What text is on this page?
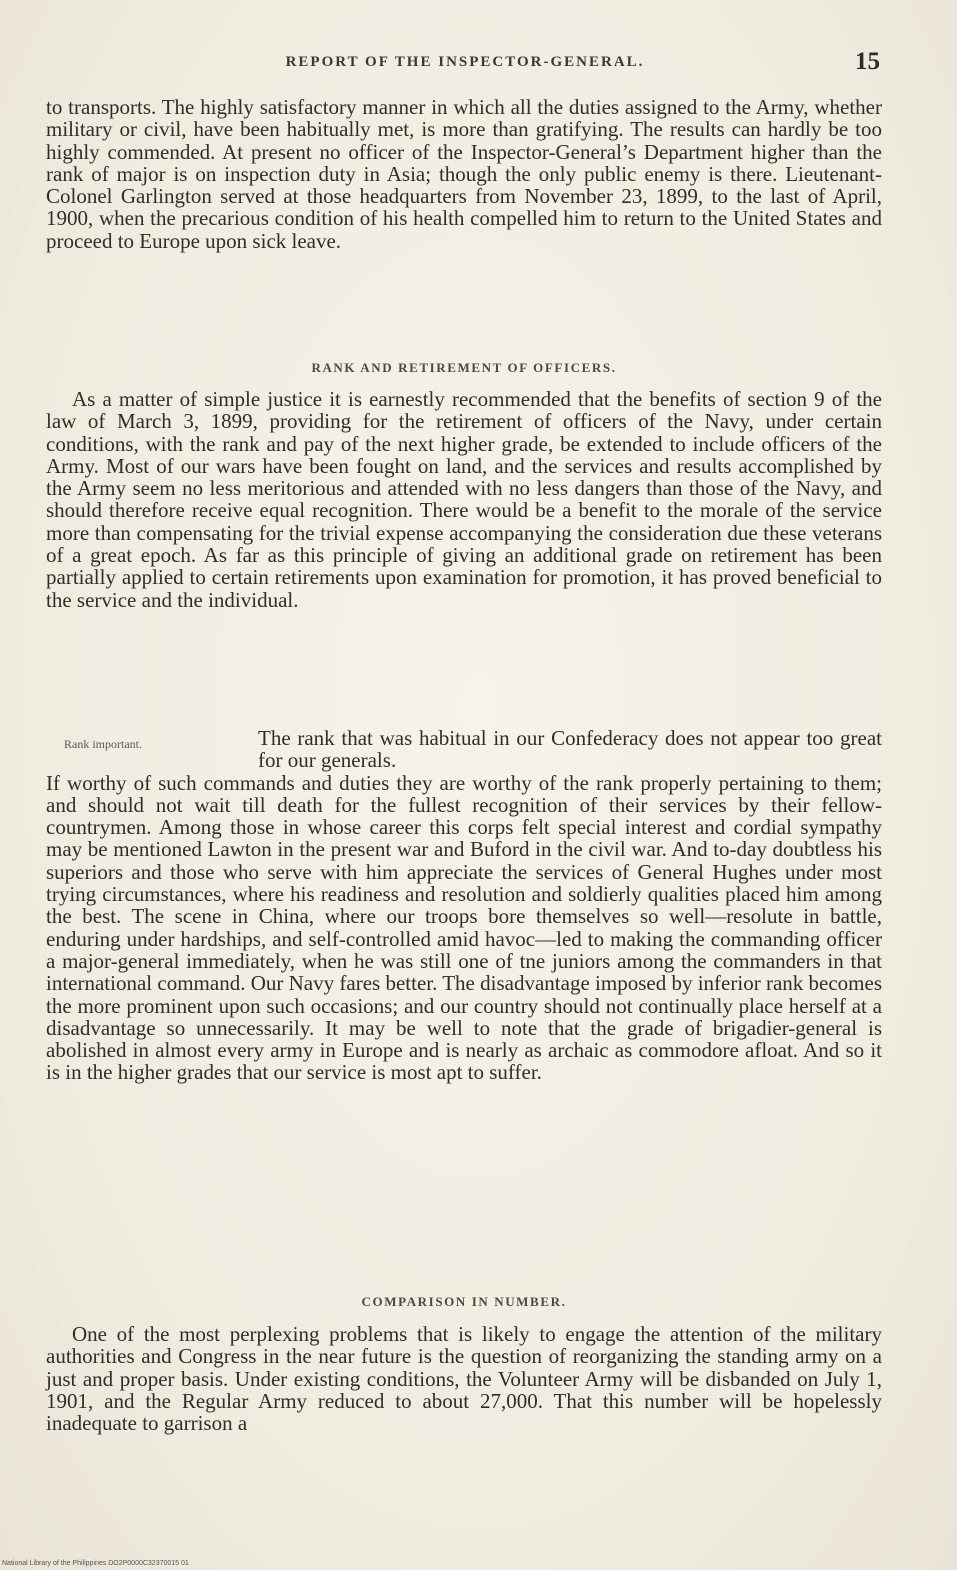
REPORT OF THE INSPECTOR-GENERAL.	15

to transports. The highly satisfactory manner in which all the duties assigned to the Army, whether military or civil, have been habitually met, is more than gratifying. The results can hardly be too highly commended. At present no officer of the Inspector-General’s Department higher than the rank of major is on inspection duty in Asia; though the only public enemy is there. Lieutenant-Colonel Garlington served at those headquarters from November 23, 1899, to the last of April, 1900, when the precarious condition of his health compelled him to return to the United States and proceed to Europe upon sick leave.

RANK AND RETIREMENT OF OFFICERS.

As a matter of simple justice it is earnestly recommended that the benefits of section 9 of the law of March 3, 1899, providing for the retirement of officers of the Navy, under certain conditions, with the rank and pay of the next higher grade, be extended to include officers of the Army. Most of our wars have been fought on land, and the services and results accomplished by the Army seem no less meritorious and attended with no less dangers than those of the Navy, and should therefore receive equal recognition. There would be a benefit to the morale of the service more than compensating for the trivial expense accompanying the consideration due these veterans of a great epoch. As far as this principle of giving an additional grade on retirement has been partially applied to certain retirements upon examination for promotion, it has proved beneficial to the service and the individual.

Rank important.	The rank that was habitual in our Confederacy does not appear too great for our generals.
If worthy of such commands and duties they are worthy of the rank properly pertaining to them; and should not wait till death for the fullest recognition of their services by their fellow-countrymen. Among those in whose career this corps felt special interest and cordial sympathy may be mentioned Lawton in the present war and Buford in the civil war. And to-day doubtless his superiors and those who serve with him appreciate the services of General Hughes under most trying circumstances, where his readiness and resolution and soldierly qualities placed him among the best. The scene in China, where our troops bore themselves so well—resolute in battle, enduring under hardships, and self-controlled amid havoc—led to making the commanding officer a major-general immediately, when he was still one of tne juniors among the commanders in that international command. Our Navy fares better. The disadvantage imposed by inferior rank becomes the more prominent upon such occasions; and our country should not continually place herself at a disadvantage so unnecessarily. It may be well to note that the grade of brigadier-general is abolished in almost every army in Europe and is nearly as archaic as commodore afloat. And so it is in the higher grades that our service is most apt to suffer.

COMPARISON IN NUMBER.

One of the most perplexing problems that is likely to engage the attention of the military authorities and Congress in the near future is the question of reorganizing the standing army on a just and proper basis. Under existing conditions, the Volunteer Army will be disbanded on July 1, 1901, and the Regular Army reduced to about 27,000. That this number will be hopelessly inadequate to garrison a

National Library of the Philippines DO2P0000C32370015 01
